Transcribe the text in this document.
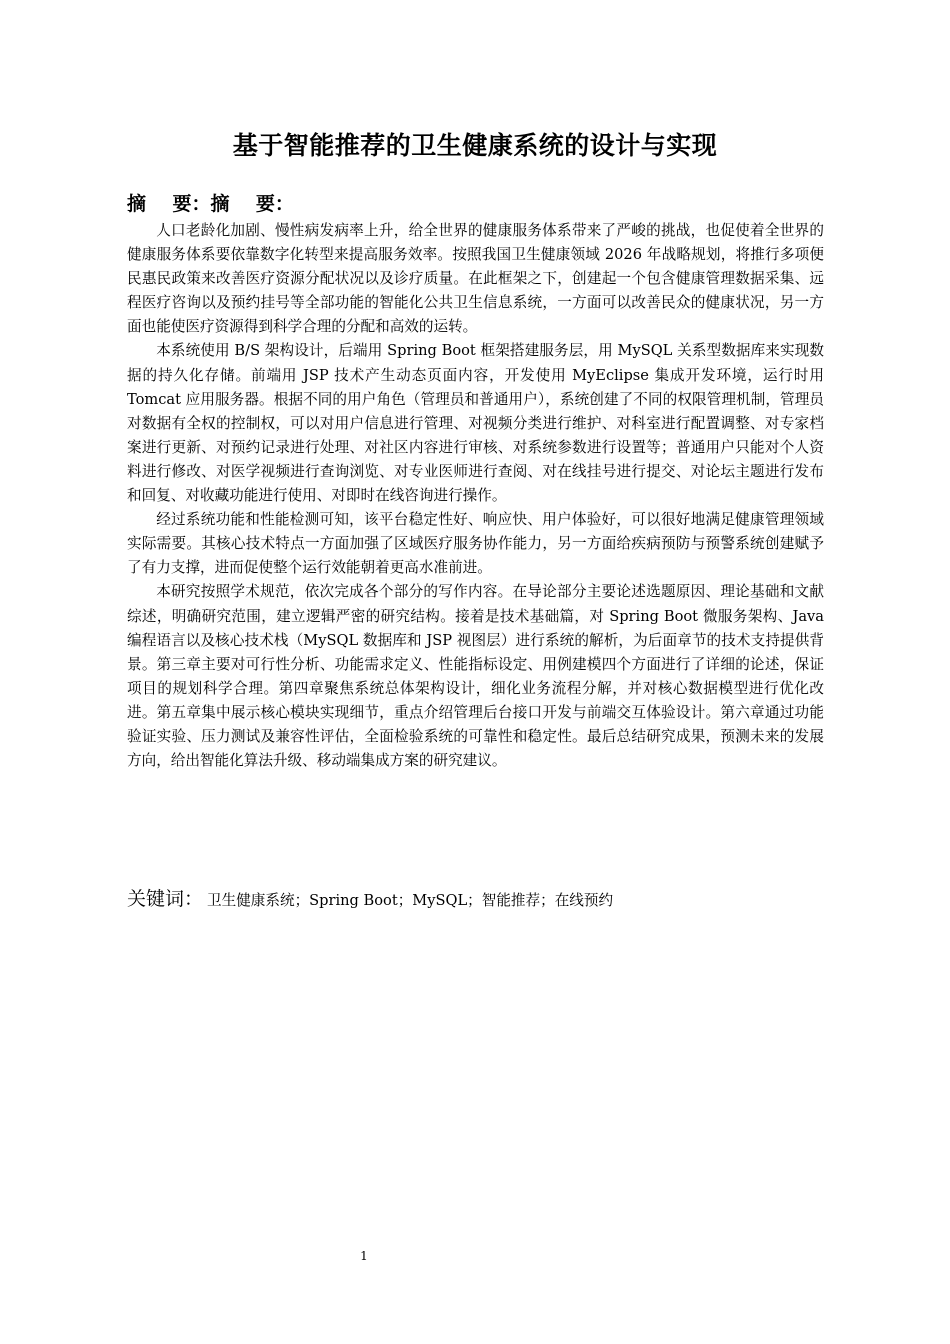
基于智能推荐的卫生健康系统的设计与实现
摘    要：摘    要：

人口老龄化加剧、慢性病发病率上升，给全世界的健康服务体系带来了严峻的挑战，也促使着全世界的健康服务体系要依靠数字化转型来提高服务效率。按照我国卫生健康领域 2026 年战略规划，将推行多项便民惠民政策来改善医疗资源分配状况以及诊疗质量。在此框架之下，创建起一个包含健康管理数据采集、远程医疗咨询以及预约挂号等全部功能的智能化公共卫生信息系统，一方面可以改善民众的健康状况，另一方面也能使医疗资源得到科学合理的分配和高效的运转。

本系统使用 B/S 架构设计，后端用 Spring Boot 框架搭建服务层，用 MySQL 关系型数据库来实现数据的持久化存储。前端用 JSP 技术产生动态页面内容，开发使用 MyEclipse 集成开发环境，运行时用 Tomcat 应用服务器。根据不同的用户角色（管理员和普通用户），系统创建了不同的权限管理机制，管理员对数据有全权的控制权，可以对用户信息进行管理、对视频分类进行维护、对科室进行配置调整、对专家档案进行更新、对预约记录进行处理、对社区内容进行审核、对系统参数进行设置等；普通用户只能对个人资料进行修改、对医学视频进行查询浏览、对专业医师进行查阅、对在线挂号进行提交、对论坛主题进行发布和回复、对收藏功能进行使用、对即时在线咨询进行操作。

经过系统功能和性能检测可知，该平台稳定性好、响应快、用户体验好，可以很好地满足健康管理领域实际需要。其核心技术特点一方面加强了区域医疗服务协作能力，另一方面给疾病预防与预警系统创建赋予了有力支撑，进而促使整个运行效能朝着更高水准前进。

本研究按照学术规范，依次完成各个部分的写作内容。在导论部分主要论述选题原因、理论基础和文献综述，明确研究范围，建立逻辑严密的研究结构。接着是技术基础篇，对 Spring Boot 微服务架构、Java 编程语言以及核心技术栈（MySQL 数据库和 JSP 视图层）进行系统的解析，为后面章节的技术支持提供背景。第三章主要对可行性分析、功能需求定义、性能指标设定、用例建模四个方面进行了详细的论述，保证项目的规划科学合理。第四章聚焦系统总体架构设计，细化业务流程分解，并对核心数据模型进行优化改进。第五章集中展示核心模块实现细节，重点介绍管理后台接口开发与前端交互体验设计。第六章通过功能验证实验、压力测试及兼容性评估，全面检验系统的可靠性和稳定性。最后总结研究成果，预测未来的发展方向，给出智能化算法升级、移动端集成方案的研究建议。

关键词： 卫生健康系统；Spring Boot；MySQL；智能推荐；在线预约
1
